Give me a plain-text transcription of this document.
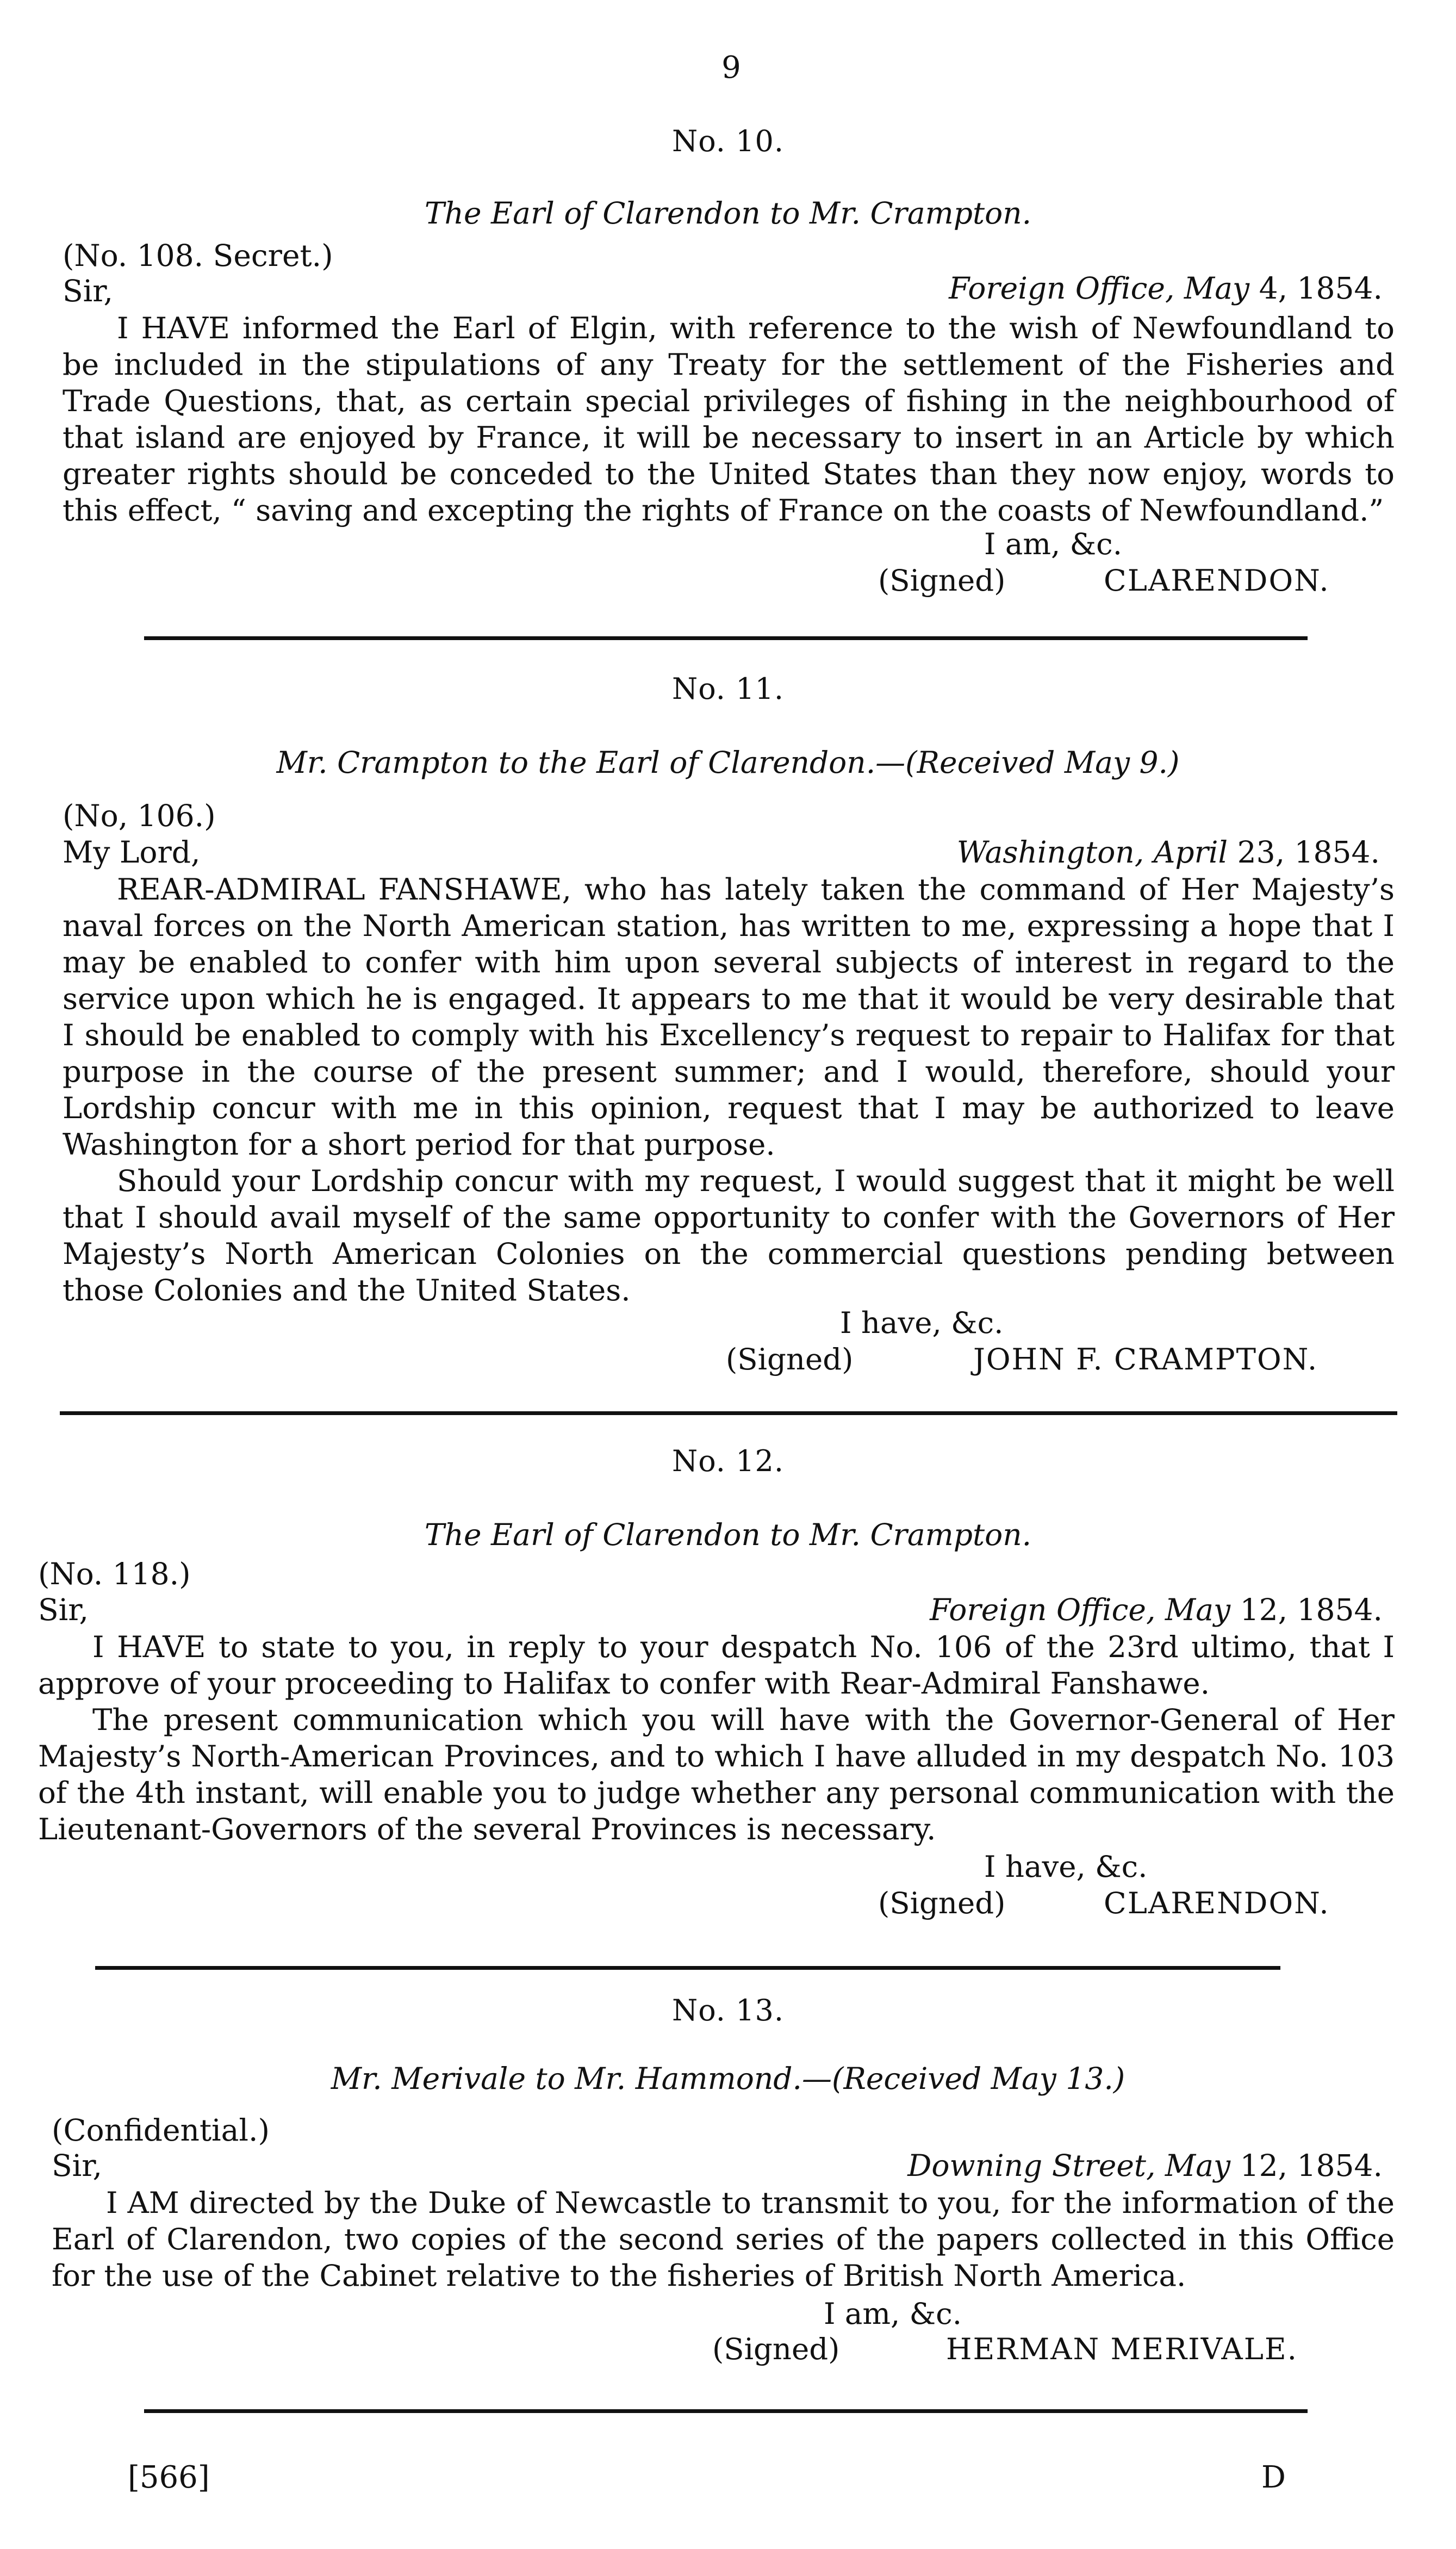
9
No. 10.
The Earl of Clarendon to Mr. Crampton.
(No. 108. Secret.)
Sir,	Foreign Office, May 4, 1854.

I HAVE informed the Earl of Elgin, with reference to the wish of Newfoundland to be included in the stipulations of any Treaty for the settlement of the Fisheries and Trade Questions, that, as certain special privileges of fishing in the neighbourhood of that island are enjoyed by France, it will be necessary to insert in an Article by which greater rights should be conceded to the United States than they now enjoy, words to this effect, “ saving and excepting the rights of France on the coasts of Newfoundland.”

I am, &c.
(Signed)	CLARENDON.
No. 11.
Mr. Crampton to the Earl of Clarendon.—(Received May 9.)
(No, 106.)
My Lord,	Washington, April 23, 1854.

REAR-ADMIRAL FANSHAWE, who has lately taken the command of Her Majesty’s naval forces on the North American station, has written to me, expressing a hope that I may be enabled to confer with him upon several subjects of interest in regard to the service upon which he is engaged. It appears to me that it would be very desirable that I should be enabled to comply with his Excellency’s request to repair to Halifax for that purpose in the course of the present summer; and I would, therefore, should your Lordship concur with me in this opinion, request that I may be authorized to leave Washington for a short period for that purpose.

Should your Lordship concur with my request, I would suggest that it might be well that I should avail myself of the same opportunity to confer with the Governors of Her Majesty’s North American Colonies on the commercial questions pending between those Colonies and the United States.

I have, &c.
(Signed)	JOHN F. CRAMPTON.
No. 12.
The Earl of Clarendon to Mr. Crampton.
(No. 118.)
Sir,	Foreign Office, May 12, 1854.

I HAVE to state to you, in reply to your despatch No. 106 of the 23rd ultimo, that I approve of your proceeding to Halifax to confer with Rear-Admiral Fanshawe.

The present communication which you will have with the Governor-General of Her Majesty’s North-American Provinces, and to which I have alluded in my despatch No. 103 of the 4th instant, will enable you to judge whether any personal communication with the Lieutenant-Governors of the several Provinces is necessary.

I have, &c.
(Signed)	CLARENDON.
No. 13.
Mr. Merivale to Mr. Hammond.—(Received May 13.)
(Confidential.)
Sir,	Downing Street, May 12, 1854.

I AM directed by the Duke of Newcastle to transmit to you, for the information of the Earl of Clarendon, two copies of the second series of the papers collected in this Office for the use of the Cabinet relative to the fisheries of British North America.

I am, &c.
(Signed)	HERMAN MERIVALE.
[566]	D
